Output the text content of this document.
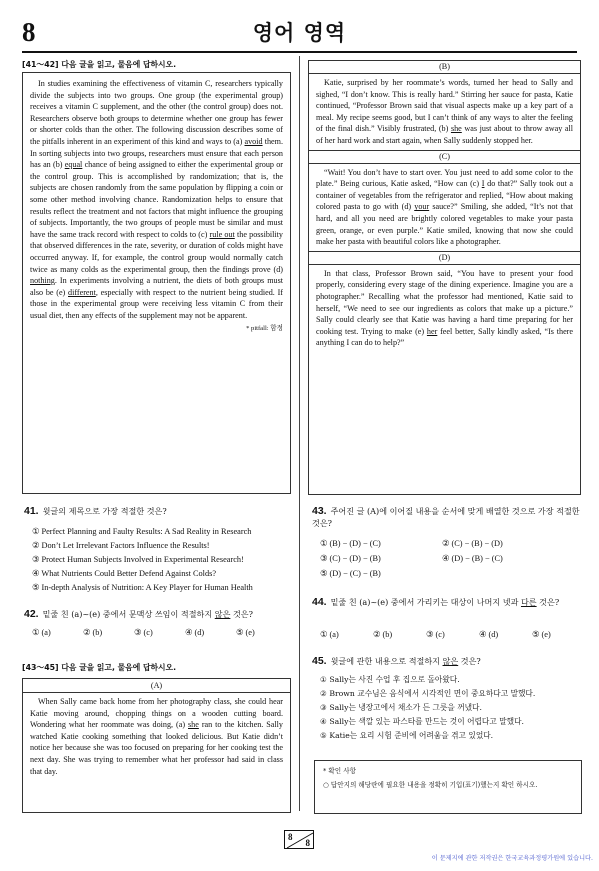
8	영어 영역
[41～42] 다음 글을 읽고, 물음에 답하시오.

In studies examining the effectiveness of vitamin C, researchers typically divide the subjects into two groups. One group (the experimental group) receives a vitamin C supplement, and the other (the control group) does not. Researchers observe both groups to determine whether one group has fewer or shorter colds than the other. The following discussion describes some of the pitfalls inherent in an experiment of this kind and ways to (a) avoid them. In sorting subjects into two groups, researchers must ensure that each person has an (b) equal chance of being assigned to either the experimental group or the control group. This is accomplished by randomization; that is, the subjects are chosen randomly from the same population by flipping a coin or some other method involving chance. Randomization helps to ensure that results reflect the treatment and not factors that might influence the grouping of subjects. Importantly, the two groups of people must be similar and must have the same track record with respect to colds to (c) rule out the possibility that observed differences in the rate, severity, or duration of colds might have occurred anyway. If, for example, the control group would normally catch twice as many colds as the experimental group, then the findings prove (d) nothing. In experiments involving a nutrient, the diets of both groups must also be (e) different, especially with respect to the nutrient being studied. If those in the experimental group were receiving less vitamin C from their usual diet, then any effects of the supplement may not be apparent.

* pitfall: 함정
41. 윗글의 제목으로 가장 적절한 것은?
① Perfect Planning and Faulty Results: A Sad Reality in Research
② Don’t Let Irrelevant Factors Influence the Results!
③ Protect Human Subjects Involved in Experimental Research!
④ What Nutrients Could Better Defend Against Colds?
⑤ In-depth Analysis of Nutrition: A Key Player for Human Health
42. 밑줄 친 (a)~(e) 중에서 문맥상 쓰임이 적절하지 않은 것은?
① (a)	② (b)	③ (c)	④ (d)	⑤ (e)
[43～45] 다음 글을 읽고, 물음에 답하시오.
(A)

When Sally came back home from her photography class, she could hear Katie moving around, chopping things on a wooden cutting board. Wondering what her roommate was doing, (a) she ran to the kitchen. Sally watched Katie cooking something that looked delicious. But Katie didn’t notice her because she was too focused on preparing for her cooking test the next day. She was trying to remember what her professor had said in class that day.

(B)

Katie, surprised by her roommate’s words, turned her head to Sally and sighed, “I don’t know. This is really hard.” Stirring her sauce for pasta, Katie continued, “Professor Brown said that visual aspects make up a key part of a meal. My recipe seems good, but I can’t think of any ways to alter the feeling of the final dish.” Visibly frustrated, (b) she was just about to throw away all of her hard work and start again, when Sally suddenly stopped her.

(C)

“Wait! You don’t have to start over. You just need to add some color to the plate.” Being curious, Katie asked, “How can (c) I do that?” Sally took out a container of vegetables from the refrigerator and replied, “How about making colored pasta to go with (d) your sauce?” Smiling, she added, “It’s not that hard, and all you need are brightly colored vegetables to make your pasta green, orange, or even purple.” Katie smiled, knowing that now she could make her pasta with beautiful colors like a photographer.

(D)

In that class, Professor Brown said, “You have to present your food properly, considering every stage of the dining experience. Imagine you are a photographer.” Recalling what the professor had mentioned, Katie said to herself, “We need to see our ingredients as colors that make up a picture.” Sally could clearly see that Katie was having a hard time preparing for her cooking test. Trying to make (e) her feel better, Sally kindly asked, “Is there anything I can do to help?”

43. 주어진 글 (A)에 이어질 내용을 순서에 맞게 배열한 것으로 가장 적절한 것은?
① (B) − (D) − (C)	② (C) − (B) − (D)
③ (C) − (D) − (B)	④ (D) − (B) − (C)
⑤ (D) − (C) − (B)
44. 밑줄 친 (a)~(e) 중에서 가리키는 대상이 나머지 넷과 다른 것은?
① (a)	② (b)	③ (c)	④ (d)	⑤ (e)
45. 윗글에 관한 내용으로 적절하지 않은 것은?
① Sally는 사진 수업 후 집으로 돌아왔다.
② Brown 교수님은 음식에서 시각적인 면이 중요하다고 말했다.
③ Sally는 냉장고에서 채소가 든 그릇을 꺼냈다.
④ Sally는 색깔 있는 파스타를 만드는 것이 어렵다고 말했다.
⑤ Katie는 요리 시험 준비에 어려움을 겪고 있었다.
* 확인 사항
○ 답안지의 해당란에 필요한 내용을 정확히 기입(표기)했는지 확인 하시오.
8
8
이 문제지에 관한 저작권은 한국교육과정평가원에 있습니다.
